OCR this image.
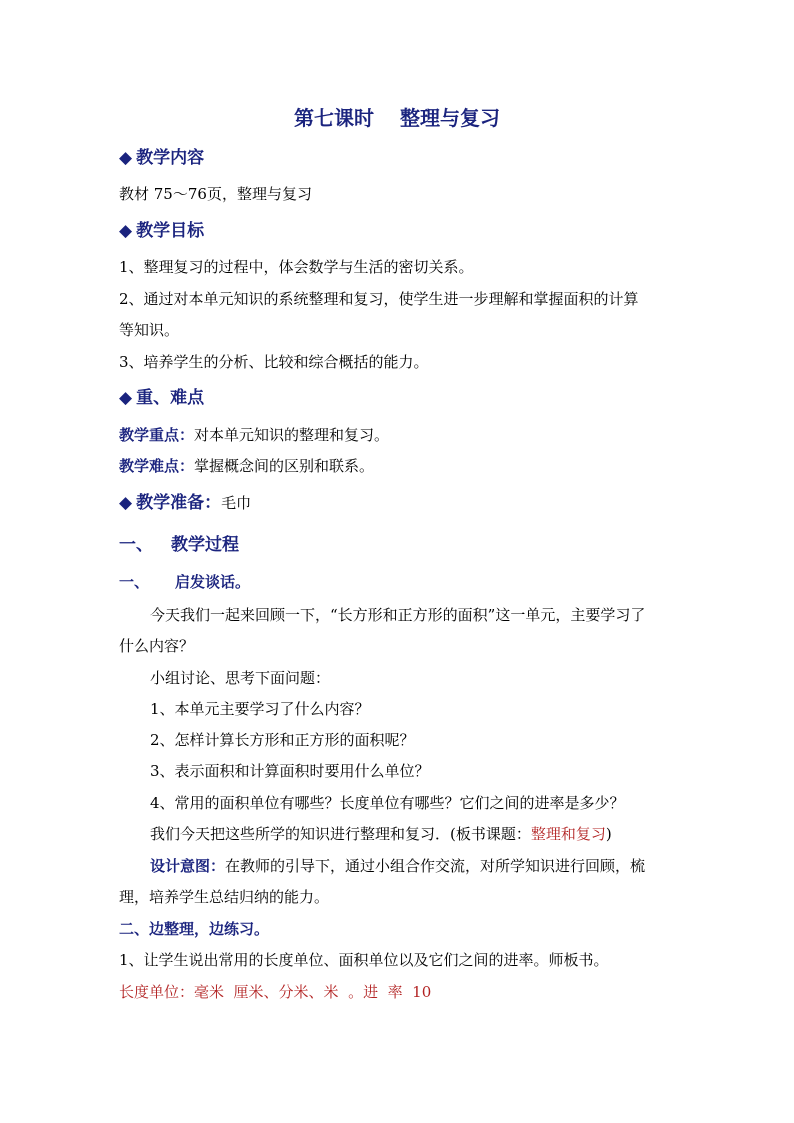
第七课时 整理与复习
◆ 教学内容
教材 75～76页，整理与复习
◆ 教学目标
1、整理复习的过程中，体会数学与生活的密切关系。
2、通过对本单元知识的系统整理和复习，使学生进一步理解和掌握面积的计算
等知识。
3、培养学生的分析、比较和综合概括的能力。
◆ 重、难点
教学重点：对本单元知识的整理和复习。
教学难点：掌握概念间的区别和联系。
◆ 教学准备：毛巾
一、 教学过程
一、 启发谈话。
今天我们一起来回顾一下，“长方形和正方形的面积”这一单元，主要学习了
什么内容？
小组讨论、思考下面问题：
1、本单元主要学习了什么内容？
2、怎样计算长方形和正方形的面积呢？
3、表示面积和计算面积时要用什么单位？
4、常用的面积单位有哪些？长度单位有哪些？它们之间的进率是多少？
我们今天把这些所学的知识进行整理和复习．(板书课题：整理和复习)
设计意图：在教师的引导下，通过小组合作交流，对所学知识进行回顾，梳
理，培养学生总结归纳的能力。
二、边整理，边练习。
1、让学生说出常用的长度单位、面积单位以及它们之间的进率。师板书。
长度单位：毫米  厘米、分米、米  。进  率  10
